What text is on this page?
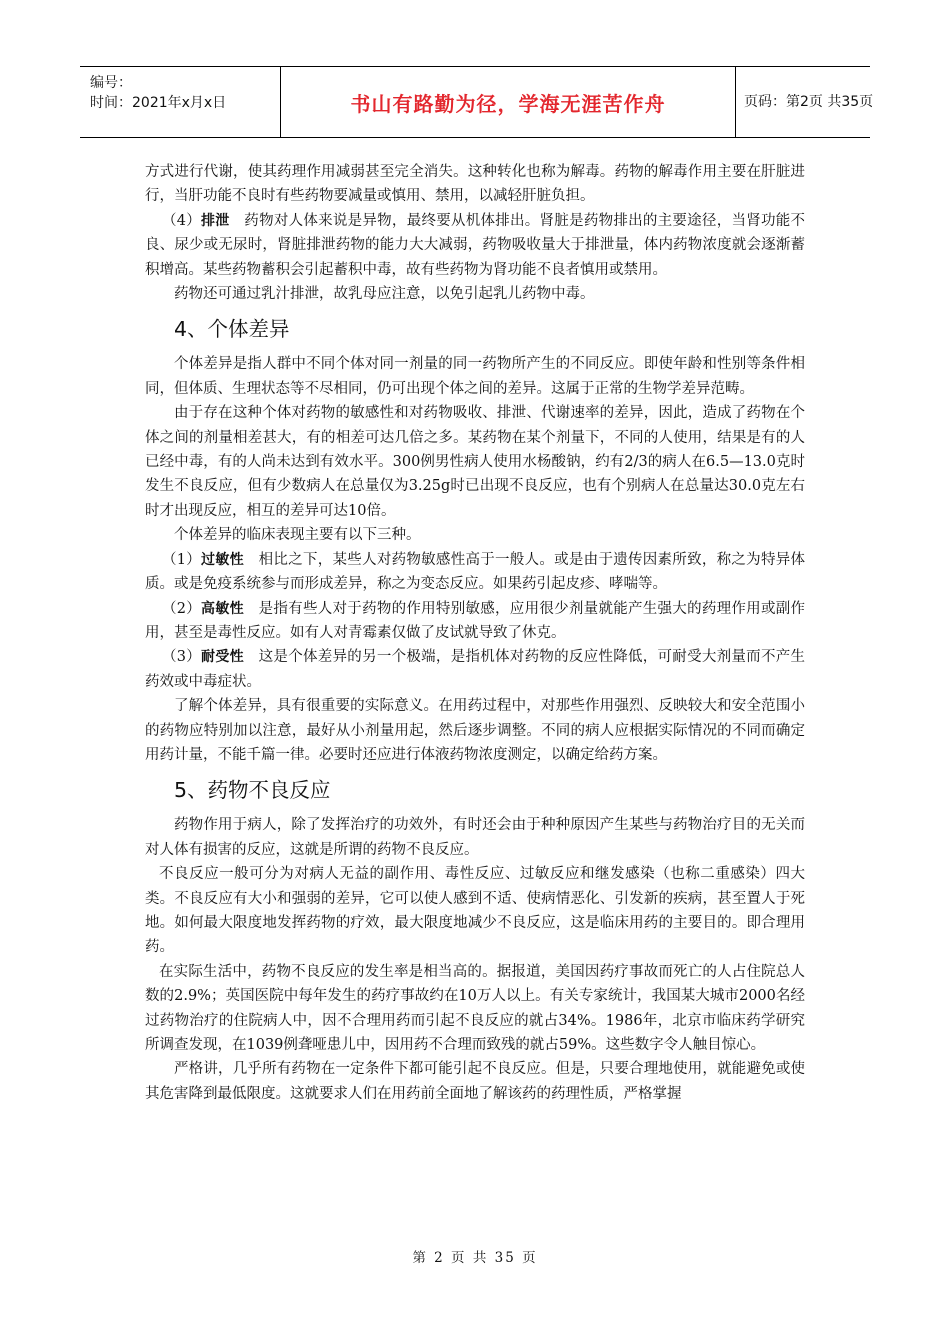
编号：
时间：2021年x月x日	书山有路勤为径，学海无涯苦作舟	页码：第2页 共35页

方式进行代谢，使其药理作用减弱甚至完全消失。这种转化也称为解毒。药物的解毒作用主要在肝脏进行，当肝功能不良时有些药物要减量或慎用、禁用，以减轻肝脏负担。

（4）排泄　药物对人体来说是异物，最终要从机体排出。肾脏是药物排出的主要途径，当肾功能不良、尿少或无尿时，肾脏排泄药物的能力大大减弱，药物吸收量大于排泄量，体内药物浓度就会逐渐蓄积增高。某些药物蓄积会引起蓄积中毒，故有些药物为肾功能不良者慎用或禁用。

药物还可通过乳汁排泄，故乳母应注意，以免引起乳儿药物中毒。

4、个体差异

个体差异是指人群中不同个体对同一剂量的同一药物所产生的不同反应。即使年龄和性别等条件相同，但体质、生理状态等不尽相同，仍可出现个体之间的差异。这属于正常的生物学差异范畴。

由于存在这种个体对药物的敏感性和对药物吸收、排泄、代谢速率的差异，因此，造成了药物在个体之间的剂量相差甚大，有的相差可达几倍之多。某药物在某个剂量下，不同的人使用，结果是有的人已经中毒，有的人尚未达到有效水平。300例男性病人使用水杨酸钠，约有2/3的病人在6.5—13.0克时发生不良反应，但有少数病人在总量仅为3.25g时已出现不良反应，也有个别病人在总量达30.0克左右时才出现反应，相互的差异可达10倍。

个体差异的临床表现主要有以下三种。

（1）过敏性　相比之下，某些人对药物敏感性高于一般人。或是由于遗传因素所致，称之为特异体质。或是免疫系统参与而形成差异，称之为变态反应。如果药引起皮疹、哮喘等。

（2）高敏性　是指有些人对于药物的作用特别敏感，应用很少剂量就能产生强大的药理作用或副作用，甚至是毒性反应。如有人对青霉素仅做了皮试就导致了休克。

（3）耐受性　这是个体差异的另一个极端，是指机体对药物的反应性降低，可耐受大剂量而不产生药效或中毒症状。

了解个体差异，具有很重要的实际意义。在用药过程中，对那些作用强烈、反映较大和安全范围小的药物应特别加以注意，最好从小剂量用起，然后逐步调整。不同的病人应根据实际情况的不同而确定用药计量，不能千篇一律。必要时还应进行体液药物浓度测定，以确定给药方案。

5、药物不良反应

药物作用于病人，除了发挥治疗的功效外，有时还会由于种种原因产生某些与药物治疗目的无关而对人体有损害的反应，这就是所谓的药物不良反应。

不良反应一般可分为对病人无益的副作用、毒性反应、过敏反应和继发感染（也称二重感染）四大类。不良反应有大小和强弱的差异，它可以使人感到不适、使病情恶化、引发新的疾病，甚至置人于死地。如何最大限度地发挥药物的疗效，最大限度地减少不良反应，这是临床用药的主要目的。即合理用药。

在实际生活中，药物不良反应的发生率是相当高的。据报道，美国因药疗事故而死亡的人占住院总人数的2.9%；英国医院中每年发生的药疗事故约在10万人以上。有关专家统计，我国某大城市2000名经过药物治疗的住院病人中，因不合理用药而引起不良反应的就占34%。1986年，北京市临床药学研究所调查发现，在1039例聋哑患儿中，因用药不合理而致残的就占59%。这些数字令人触目惊心。

严格讲，几乎所有药物在一定条件下都可能引起不良反应。但是，只要合理地使用，就能避免或使其危害降到最低限度。这就要求人们在用药前全面地了解该药的药理性质，严格掌握

第 2 页 共 35 页
